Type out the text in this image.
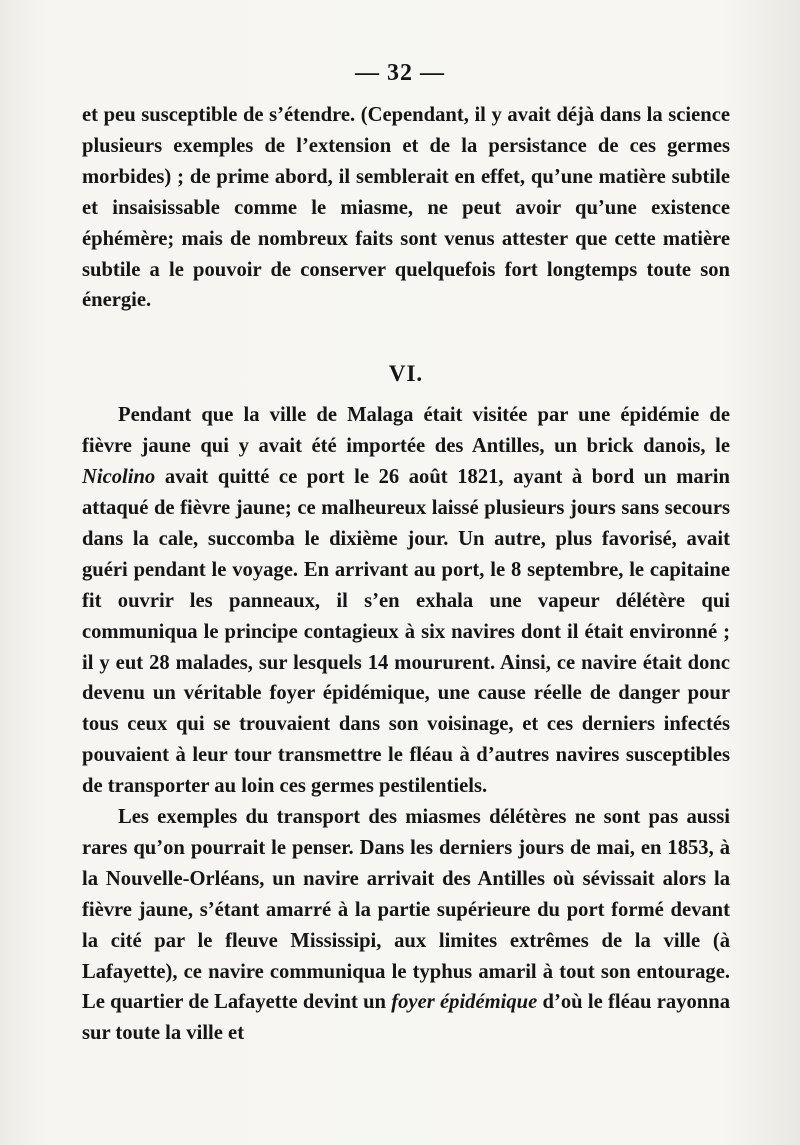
— 32 —

et peu susceptible de s’étendre. (Cependant, il y avait déjà dans la science plusieurs exemples de l’extension et de la persistance de ces germes morbides) ; de prime abord, il semblerait en effet, qu’une matière subtile et insaisissable comme le miasme, ne peut avoir qu’une existence éphémère; mais de nombreux faits sont venus attester que cette matière subtile a le pouvoir de conserver quelquefois fort longtemps toute son énergie.

VI.

Pendant que la ville de Malaga était visitée par une épidémie de fièvre jaune qui y avait été importée des Antilles, un brick danois, le Nicolino avait quitté ce port le 26 août 1821, ayant à bord un marin attaqué de fièvre jaune; ce malheureux laissé plusieurs jours sans secours dans la cale, succomba le dixième jour. Un autre, plus favorisé, avait guéri pendant le voyage. En arrivant au port, le 8 septembre, le capitaine fit ouvrir les panneaux, il s’en exhala une vapeur délétère qui communiqua le principe contagieux à six navires dont il était environné ; il y eut 28 malades, sur lesquels 14 moururent. Ainsi, ce navire était donc devenu un véritable foyer épidémique, une cause réelle de danger pour tous ceux qui se trouvaient dans son voisinage, et ces derniers infectés pouvaient à leur tour transmettre le fléau à d’autres navires susceptibles de transporter au loin ces germes pestilentiels.

Les exemples du transport des miasmes délétères ne sont pas aussi rares qu’on pourrait le penser. Dans les derniers jours de mai, en 1853, à la Nouvelle-Orléans, un navire arrivait des Antilles où sévissait alors la fièvre jaune, s’étant amarré à la partie supérieure du port formé devant la cité par le fleuve Mississipi, aux limites extrêmes de la ville (à Lafayette), ce navire communiqua le typhus amaril à tout son entourage. Le quartier de Lafayette devint un foyer épidémique d’où le fléau rayonna sur toute la ville et
